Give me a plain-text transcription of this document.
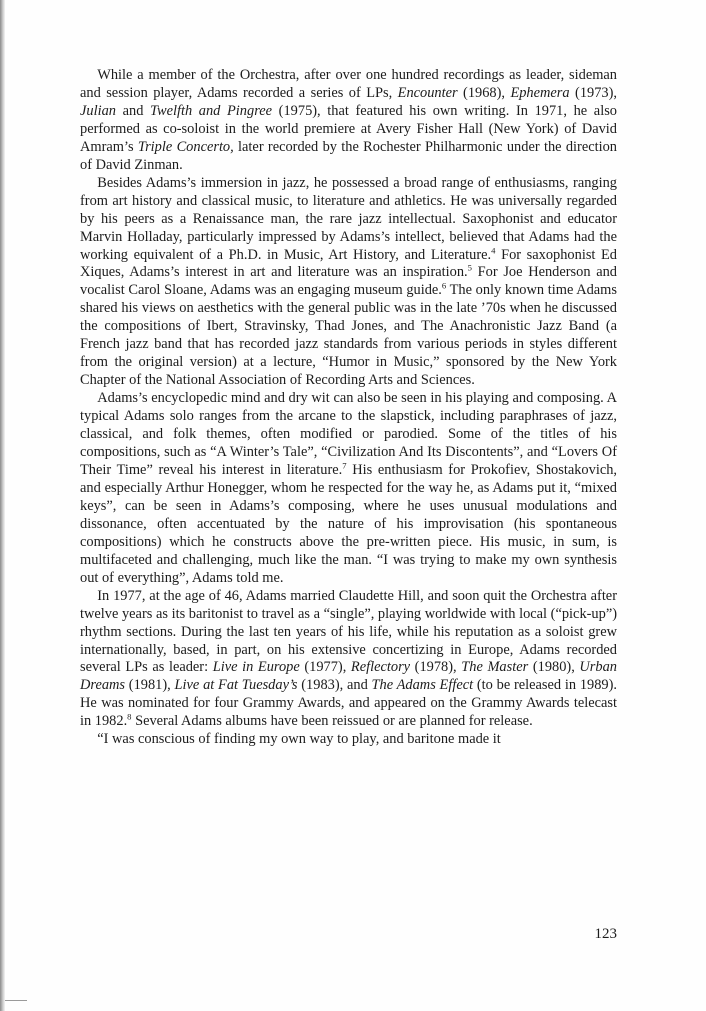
While a member of the Orchestra, after over one hundred recordings as leader, sideman and session player, Adams recorded a series of LPs, Encounter (1968), Ephemera (1973), Julian and Twelfth and Pingree (1975), that featured his own writing. In 1971, he also performed as co-soloist in the world premiere at Avery Fisher Hall (New York) of David Amram’s Triple Concerto, later recorded by the Rochester Philharmonic under the direction of David Zinman.

Besides Adams’s immersion in jazz, he possessed a broad range of enthusiasms, ranging from art history and classical music, to literature and athletics. He was universally regarded by his peers as a Renaissance man, the rare jazz intellectual. Saxophonist and educator Marvin Holladay, particularly impressed by Adams’s intellect, believed that Adams had the working equivalent of a Ph.D. in Music, Art History, and Literature.$^4$ For saxophonist Ed Xiques, Adams’s interest in art and literature was an inspiration.$^5$ For Joe Henderson and vocalist Carol Sloane, Adams was an engaging museum guide.$^6$ The only known time Adams shared his views on aesthetics with the general public was in the late ’70s when he discussed the compositions of Ibert, Stravinsky, Thad Jones, and The Anachronistic Jazz Band (a French jazz band that has recorded jazz standards from various periods in styles different from the original version) at a lecture, “Humor in Music,” sponsored by the New York Chapter of the National Association of Recording Arts and Sciences.

Adams’s encyclopedic mind and dry wit can also be seen in his playing and composing. A typical Adams solo ranges from the arcane to the slapstick, including paraphrases of jazz, classical, and folk themes, often modified or parodied. Some of the titles of his compositions, such as “A Winter’s Tale”, “Civilization And Its Discontents”, and “Lovers Of Their Time” reveal his interest in literature.$^7$ His enthusiasm for Prokofiev, Shostakovich, and especially Arthur Honegger, whom he respected for the way he, as Adams put it, “mixed keys”, can be seen in Adams’s composing, where he uses unusual modulations and dissonance, often accentuated by the nature of his improvisation (his spontaneous compositions) which he constructs above the pre-written piece. His music, in sum, is multifaceted and challenging, much like the man. “I was trying to make my own synthesis out of everything”, Adams told me.

In 1977, at the age of 46, Adams married Claudette Hill, and soon quit the Orchestra after twelve years as its baritonist to travel as a “single”, playing worldwide with local (“pick-up”) rhythm sections. During the last ten years of his life, while his reputation as a soloist grew internationally, based, in part, on his extensive concertizing in Europe, Adams recorded several LPs as leader: Live in Europe (1977), Reflectory (1978), The Master (1980), Urban Dreams (1981), Live at Fat Tuesday’s (1983), and The Adams Effect (to be released in 1989). He was nominated for four Grammy Awards, and appeared on the Grammy Awards telecast in 1982.$^8$ Several Adams albums have been reissued or are planned for release.

“I was conscious of finding my own way to play, and baritone made it

123
